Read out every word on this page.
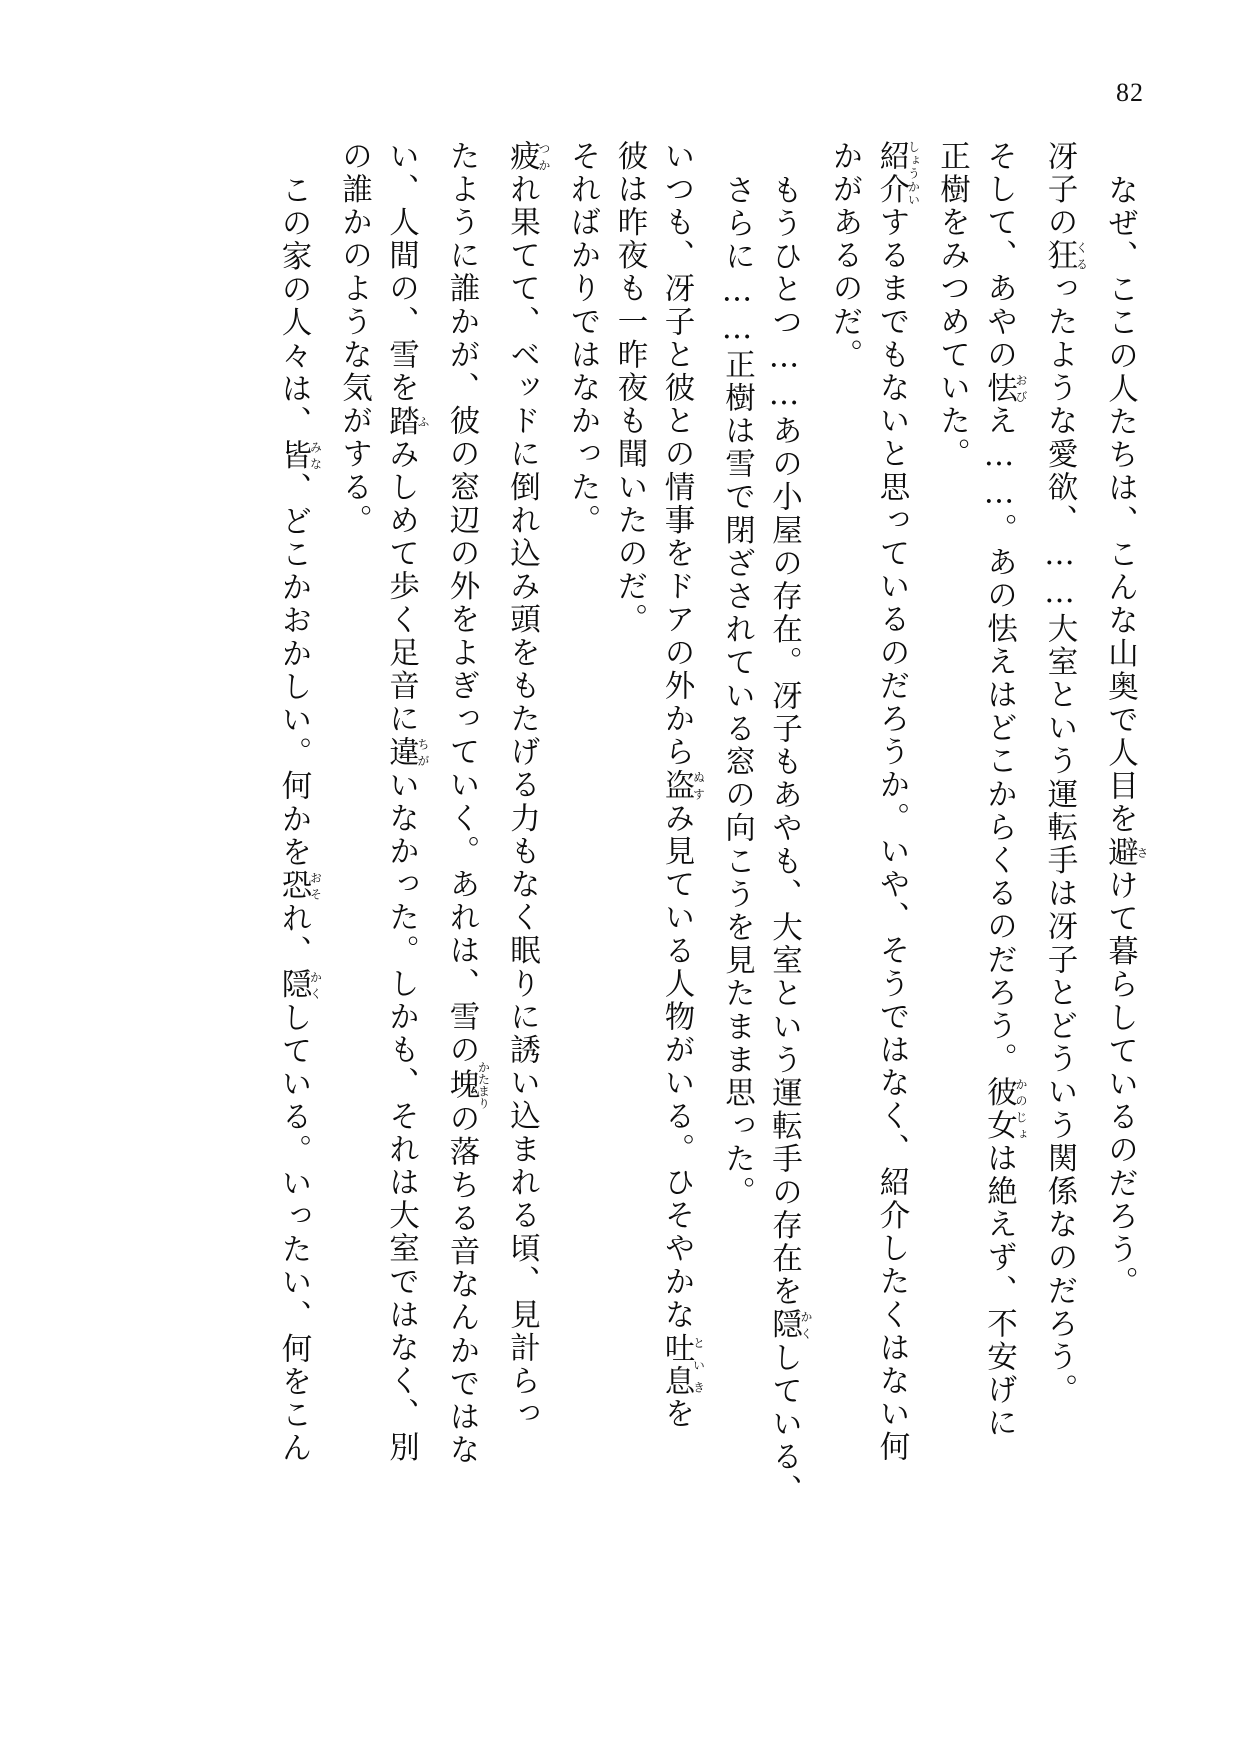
82
なぜ、ここの人たちは、こんな山奥で人目を避さけて暮らしているのだろう。
冴子の狂くるったような愛欲、……大室という運転手は冴子とどういう関係なのだろう。
そして、あやの怯おびえ……。あの怯えはどこからくるのだろう。彼女かのじょは絶えず、不安げに
正樹をみつめていた。
紹介しょうかいするまでもないと思っているのだろうか。いや、そうではなく、紹介したくはない何
かがあるのだ。
もうひとつ……あの小屋の存在。冴子もあやも、大室という運転手の存在を隠かくしている、
さらに……正樹は雪で閉ざされている窓の向こうを見たまま思った。
いつも、冴子と彼との情事をドアの外から盗ぬすみ見ている人物がいる。ひそやかな吐息といきを
彼は昨夜も一昨夜も聞いたのだ。
そればかりではなかった。
疲つかれ果てて、ベッドに倒れ込み頭をもたげる力もなく眠りに誘い込まれる頃、見計らっ
たように誰かが、彼の窓辺の外をよぎっていく。あれは、雪の塊かたまりの落ちる音なんかではな
い、人間の、雪を踏ふみしめて歩く足音に違ちがいなかった。しかも、それは大室ではなく、別
の誰かのような気がする。
この家の人々は、皆みな、どこかおかしい。何かを恐おそれ、隠かくしている。いったい、何をこん
